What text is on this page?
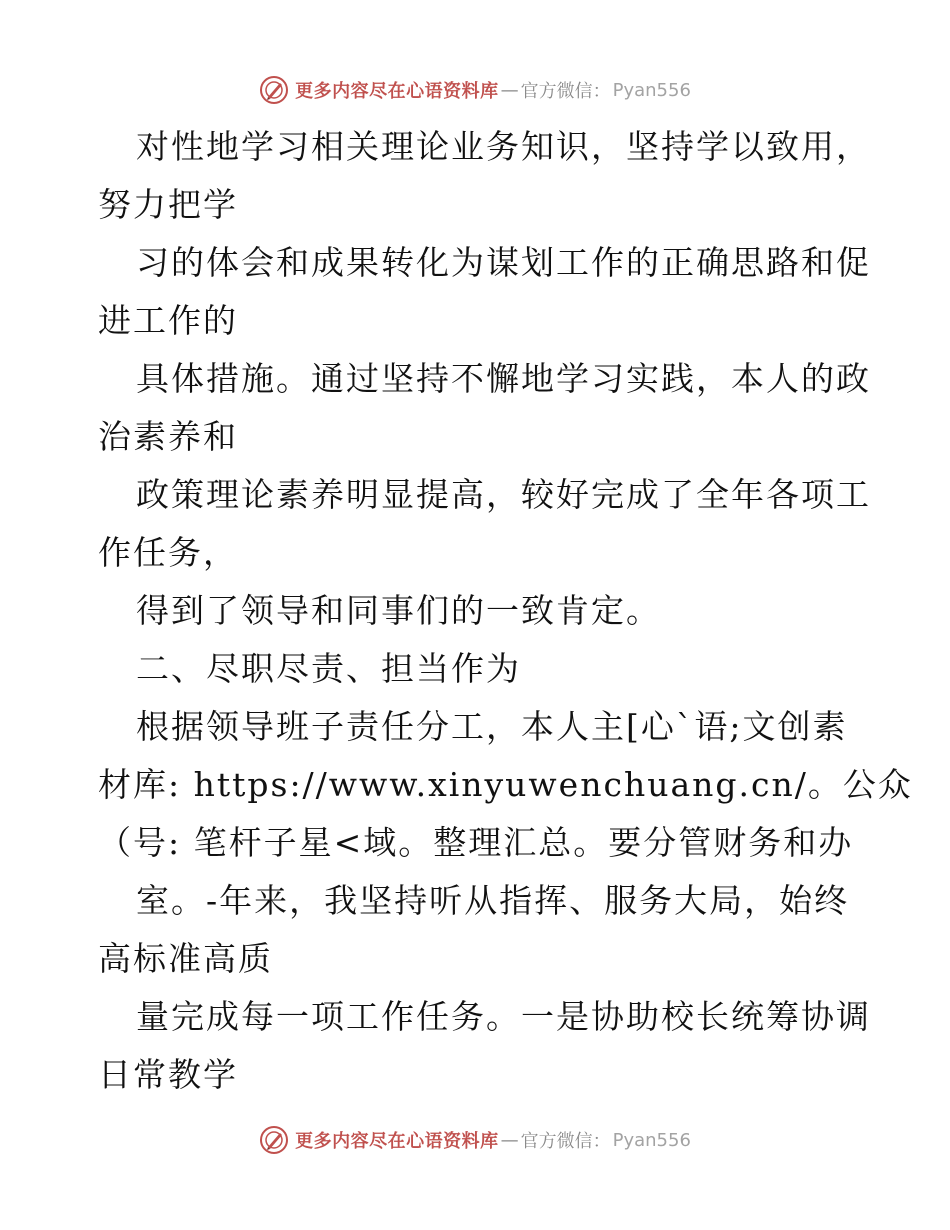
更多内容尽在心语资料库 — 官方微信： Pyan556
对性地学习相关理论业务知识，坚持学以致用，
努力把学
习的体会和成果转化为谋划工作的正确思路和促
进工作的
具体措施。通过坚持不懈地学习实践，本人的政
治素养和
政策理论素养明显提高，较好完成了全年各项工
作任务，
得到了领导和同事们的一致肯定。
二、尽职尽责、担当作为
根据领导班子责任分工，本人主[心`语;文创素
材库: https://www.xinyuwenchuang.cn/。公众
（号: 笔杆子星<域。整理汇总。要分管财务和办
室。-年来，我坚持听从指挥、服务大局，始终
高标准高质
量完成每一项工作任务。一是协助校长统筹协调
日常教学
更多内容尽在心语资料库 — 官方微信： Pyan556
